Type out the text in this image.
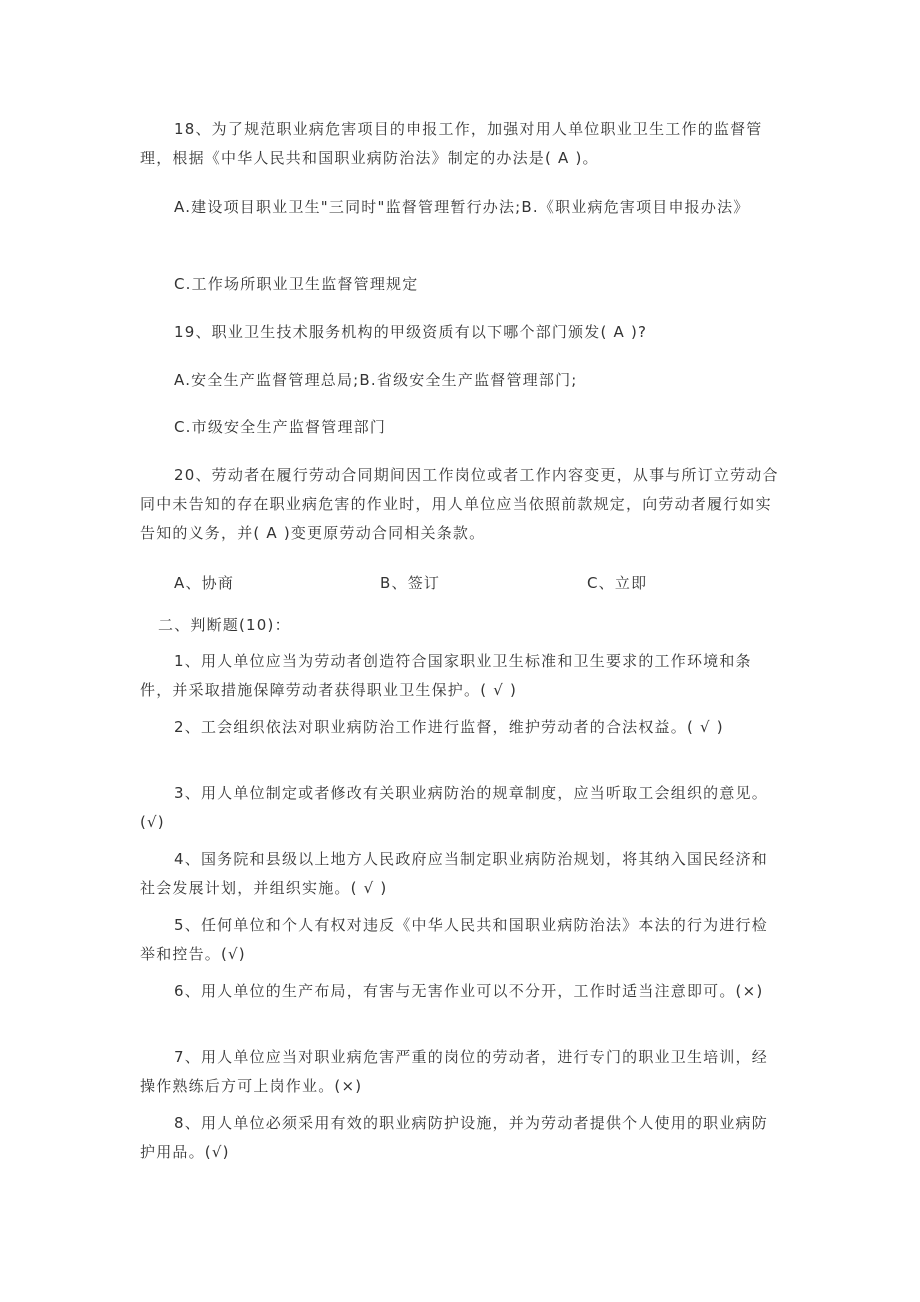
18、为了规范职业病危害项目的申报工作，加强对用人单位职业卫生工作的监督管理，根据《中华人民共和国职业病防治法》制定的办法是( A )。
A.建设项目职业卫生"三同时"监督管理暂行办法;B.《职业病危害项目申报办法》
C.工作场所职业卫生监督管理规定
19、职业卫生技术服务机构的甲级资质有以下哪个部门颁发( A )?
A.安全生产监督管理总局;B.省级安全生产监督管理部门;
C.市级安全生产监督管理部门
20、劳动者在履行劳动合同期间因工作岗位或者工作内容变更，从事与所订立劳动合同中未告知的存在职业病危害的作业时，用人单位应当依照前款规定，向劳动者履行如实告知的义务，并( A )变更原劳动合同相关条款。
A、协商	B、签订	C、立即
二、判断题(10)：
1、用人单位应当为劳动者创造符合国家职业卫生标准和卫生要求的工作环境和条件，并采取措施保障劳动者获得职业卫生保护。( √ )
2、工会组织依法对职业病防治工作进行监督，维护劳动者的合法权益。( √ )
3、用人单位制定或者修改有关职业病防治的规章制度，应当听取工会组织的意见。(√)
4、国务院和县级以上地方人民政府应当制定职业病防治规划，将其纳入国民经济和社会发展计划，并组织实施。( √ )
5、任何单位和个人有权对违反《中华人民共和国职业病防治法》本法的行为进行检举和控告。(√)
6、用人单位的生产布局，有害与无害作业可以不分开，工作时适当注意即可。(×)
7、用人单位应当对职业病危害严重的岗位的劳动者，进行专门的职业卫生培训，经操作熟练后方可上岗作业。(×)
8、用人单位必须采用有效的职业病防护设施，并为劳动者提供个人使用的职业病防护用品。(√)
